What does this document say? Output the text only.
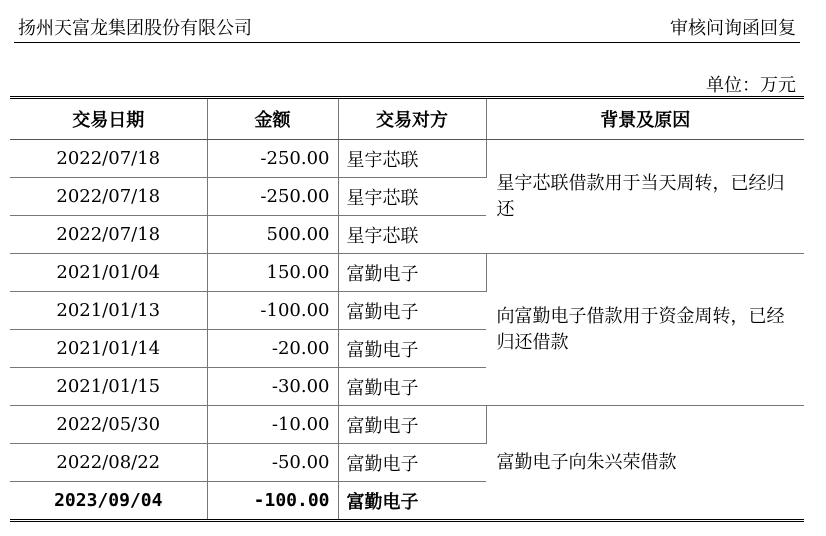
扬州天富龙集团股份有限公司	审核问询函回复
单位：万元
交易日期	金额	交易对方	背景及原因
2022/07/18	-250.00	星宇芯联	星宇芯联借款用于当天周转，已经归还
2022/07/18	-250.00	星宇芯联	
2022/07/18	500.00	星宇芯联	
2021/01/04	150.00	富勤电子	向富勤电子借款用于资金周转，已经归还借款
2021/01/13	-100.00	富勤电子	
2021/01/14	-20.00	富勤电子	
2021/01/15	-30.00	富勤电子	
2022/05/30	-10.00	富勤电子	富勤电子向朱兴荣借款
2022/08/22	-50.00	富勤电子	
2023/09/04	-100.00	富勤电子	
